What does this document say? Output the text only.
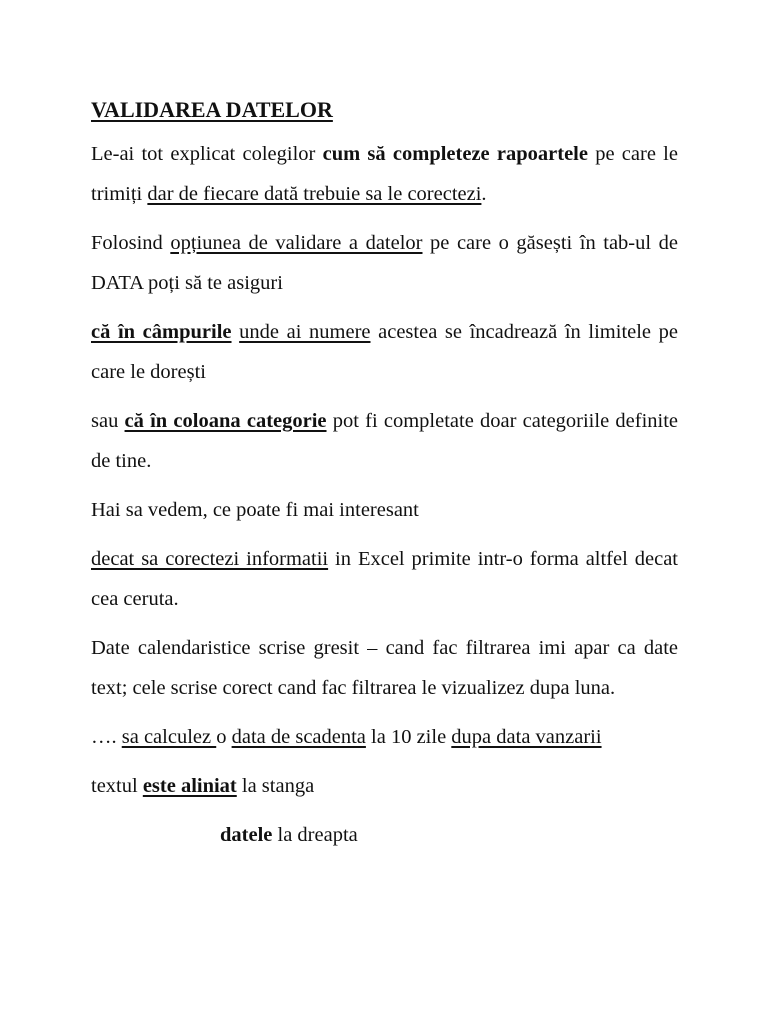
VALIDAREA DATELOR

Le-ai tot explicat colegilor cum să completeze rapoartele pe care le trimiți dar de fiecare dată trebuie sa le corectezi.

Folosind opțiunea de validare a datelor pe care o găsești în tab-ul de DATA poți să te asiguri

că în câmpurile unde ai numere acestea se încadrează în limitele pe care le dorești

sau că în coloana categorie pot fi completate doar categoriile definite de tine.

Hai sa vedem, ce poate fi mai interesant

decat sa corectezi informatii in Excel primite intr-o forma altfel decat cea ceruta.

Date calendaristice scrise gresit – cand fac filtrarea imi apar ca date text; cele scrise corect cand fac filtrarea le vizualizez dupa luna.

…. sa calculez o data de scadenta la 10 zile dupa data vanzarii

textul este aliniat la stanga

datele la dreapta
